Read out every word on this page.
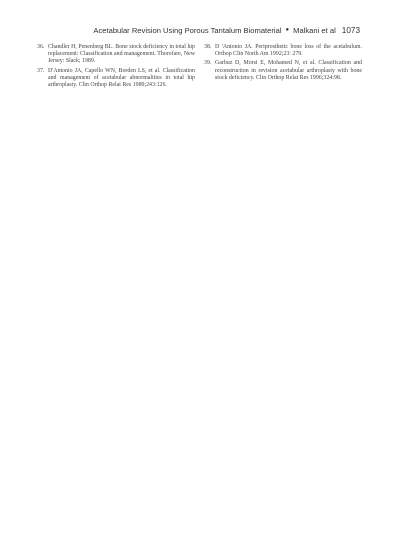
Acetabular Revision Using Porous Tantalum Biomaterial ● Malkani et al 1073
36. Chandler H, Penenberg BL. Bone stock deficiency in total hip replacement: Classification and management. Thorofare, New Jersey: Slack; 1989.
37. D'Antonio JA, Capello WN, Borden LS, et al. Classification and management of acetabular abnormalities in total hip arthroplasty. Clin Orthop Relat Res 1989;243:126.
38. D 'Antonio JA. Periprosthetic bone loss of the acetabulum. Orthop Clin North Am 1992;23: 279.
39. Garbuz D, Morsi E, Mohamed N, et al. Classification and reconstruction in revision acetabular arthroplasty with bone stock deficiency. Clin Orthop Relat Res 1996;324:98.
